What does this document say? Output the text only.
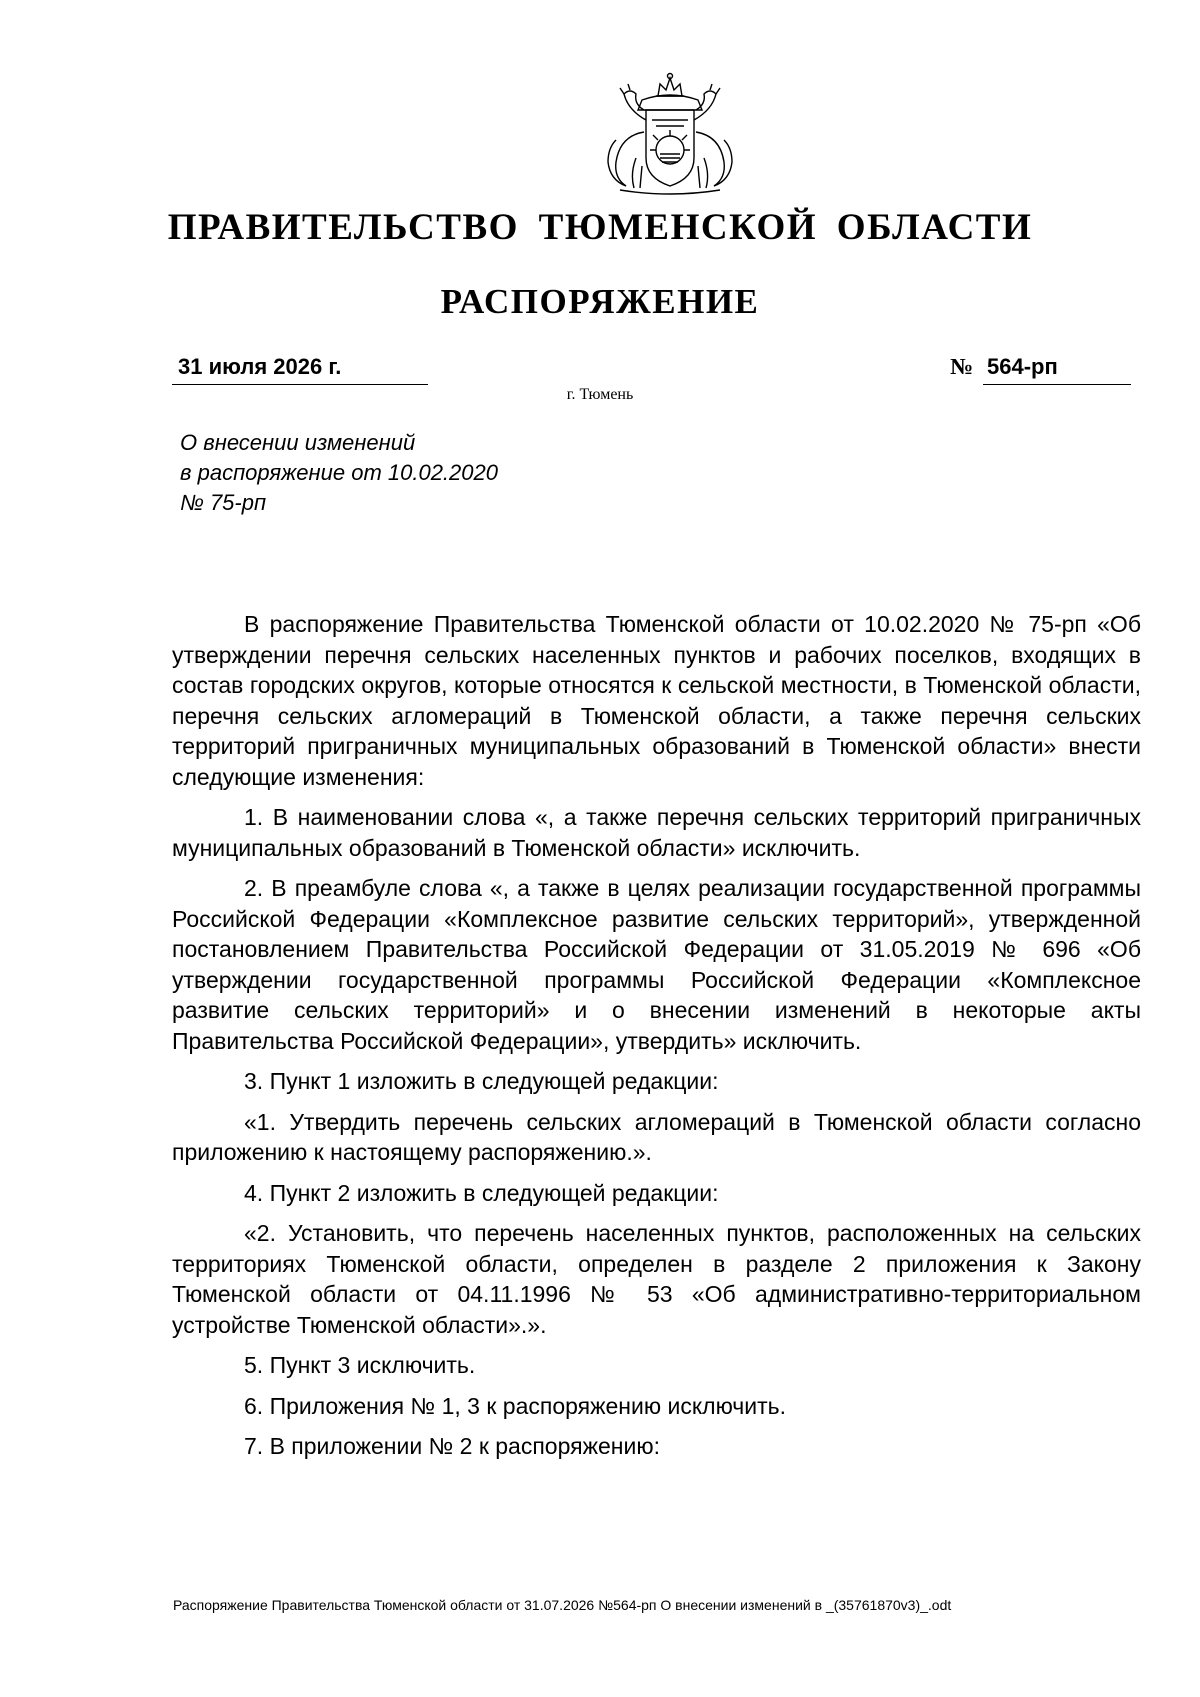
ПРАВИТЕЛЬСТВО ТЮМЕНСКОЙ ОБЛАСТИ
РАСПОРЯЖЕНИЕ
31 июля 2026 г.	№ 564-рп
г. Тюмень
О внесении изменений
в распоряжение от 10.02.2020
№ 75-рп

В распоряжение Правительства Тюменской области от 10.02.2020 № 75-рп «Об утверждении перечня сельских населенных пунктов и рабочих поселков, входящих в состав городских округов, которые относятся к сельской местности, в Тюменской области, перечня сельских агломераций в Тюменской области, а также перечня сельских территорий приграничных муниципальных образований в Тюменской области» внести следующие изменения:

1. В наименовании слова «, а также перечня сельских территорий приграничных муниципальных образований в Тюменской области» исключить.

2. В преамбуле слова «, а также в целях реализации государственной программы Российской Федерации «Комплексное развитие сельских территорий», утвержденной постановлением Правительства Российской Федерации от 31.05.2019 № 696 «Об утверждении государственной программы Российской Федерации «Комплексное развитие сельских территорий» и о внесении изменений в некоторые акты Правительства Российской Федерации», утвердить» исключить.

3. Пункт 1 изложить в следующей редакции:

«1. Утвердить перечень сельских агломераций в Тюменской области согласно приложению к настоящему распоряжению.».

4. Пункт 2 изложить в следующей редакции:

«2. Установить, что перечень населенных пунктов, расположенных на сельских территориях Тюменской области, определен в разделе 2 приложения к Закону Тюменской области от 04.11.1996 № 53 «Об административно-территориальном устройстве Тюменской области».».

5. Пункт 3 исключить.

6. Приложения № 1, 3 к распоряжению исключить.

7. В приложении № 2 к распоряжению:

Распоряжение Правительства Тюменской области от 31.07.2026 №564-рп О внесении изменений в _(35761870v3)_.odt
